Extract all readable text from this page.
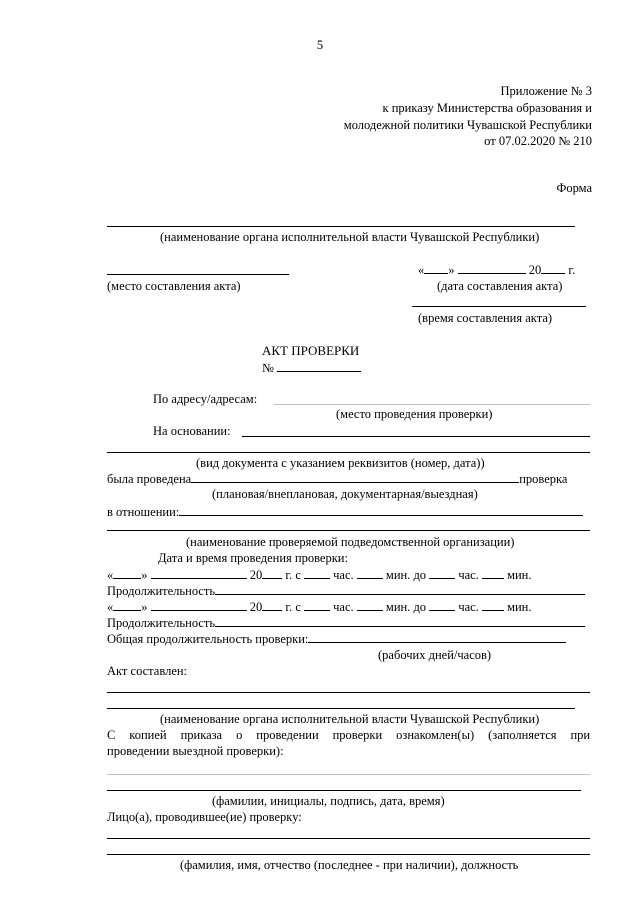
5
Приложение № 3
к приказу Министерства образования и
молодежной политики Чувашской Республики
от 07.02.2020 № 210
Форма
(наименование органа исполнительной власти Чувашской Республики)
« »	20 г.
(место составления акта)	(дата составления акта)
(время составления акта)
АКТ ПРОВЕРКИ
№
По адресу/адресам:
(место проведения проверки)
На основании:
(вид документа с указанием реквизитов (номер, дата))
была проведена	проверка
(плановая/внеплановая, документарная/выездная)
в отношении:
(наименование проверяемой подведомственной организации)
Дата и время проведения проверки:
« »	20 г. с	час.	мин. до	час. мин.
Продолжительность
« »	20 г. с	час.	мин. до	час. мин.
Продолжительность
Общая продолжительность проверки:
(рабочих дней/часов)
Акт составлен:
(наименование органа исполнительной власти Чувашской Республики)
С копией приказа о проведении проверки ознакомлен(ы) (заполняется при
проведении выездной проверки):
(фамилии, инициалы, подпись, дата, время)
Лицо(а), проводившее(ие) проверку:
(фамилия, имя, отчество (последнее - при наличии), должность
